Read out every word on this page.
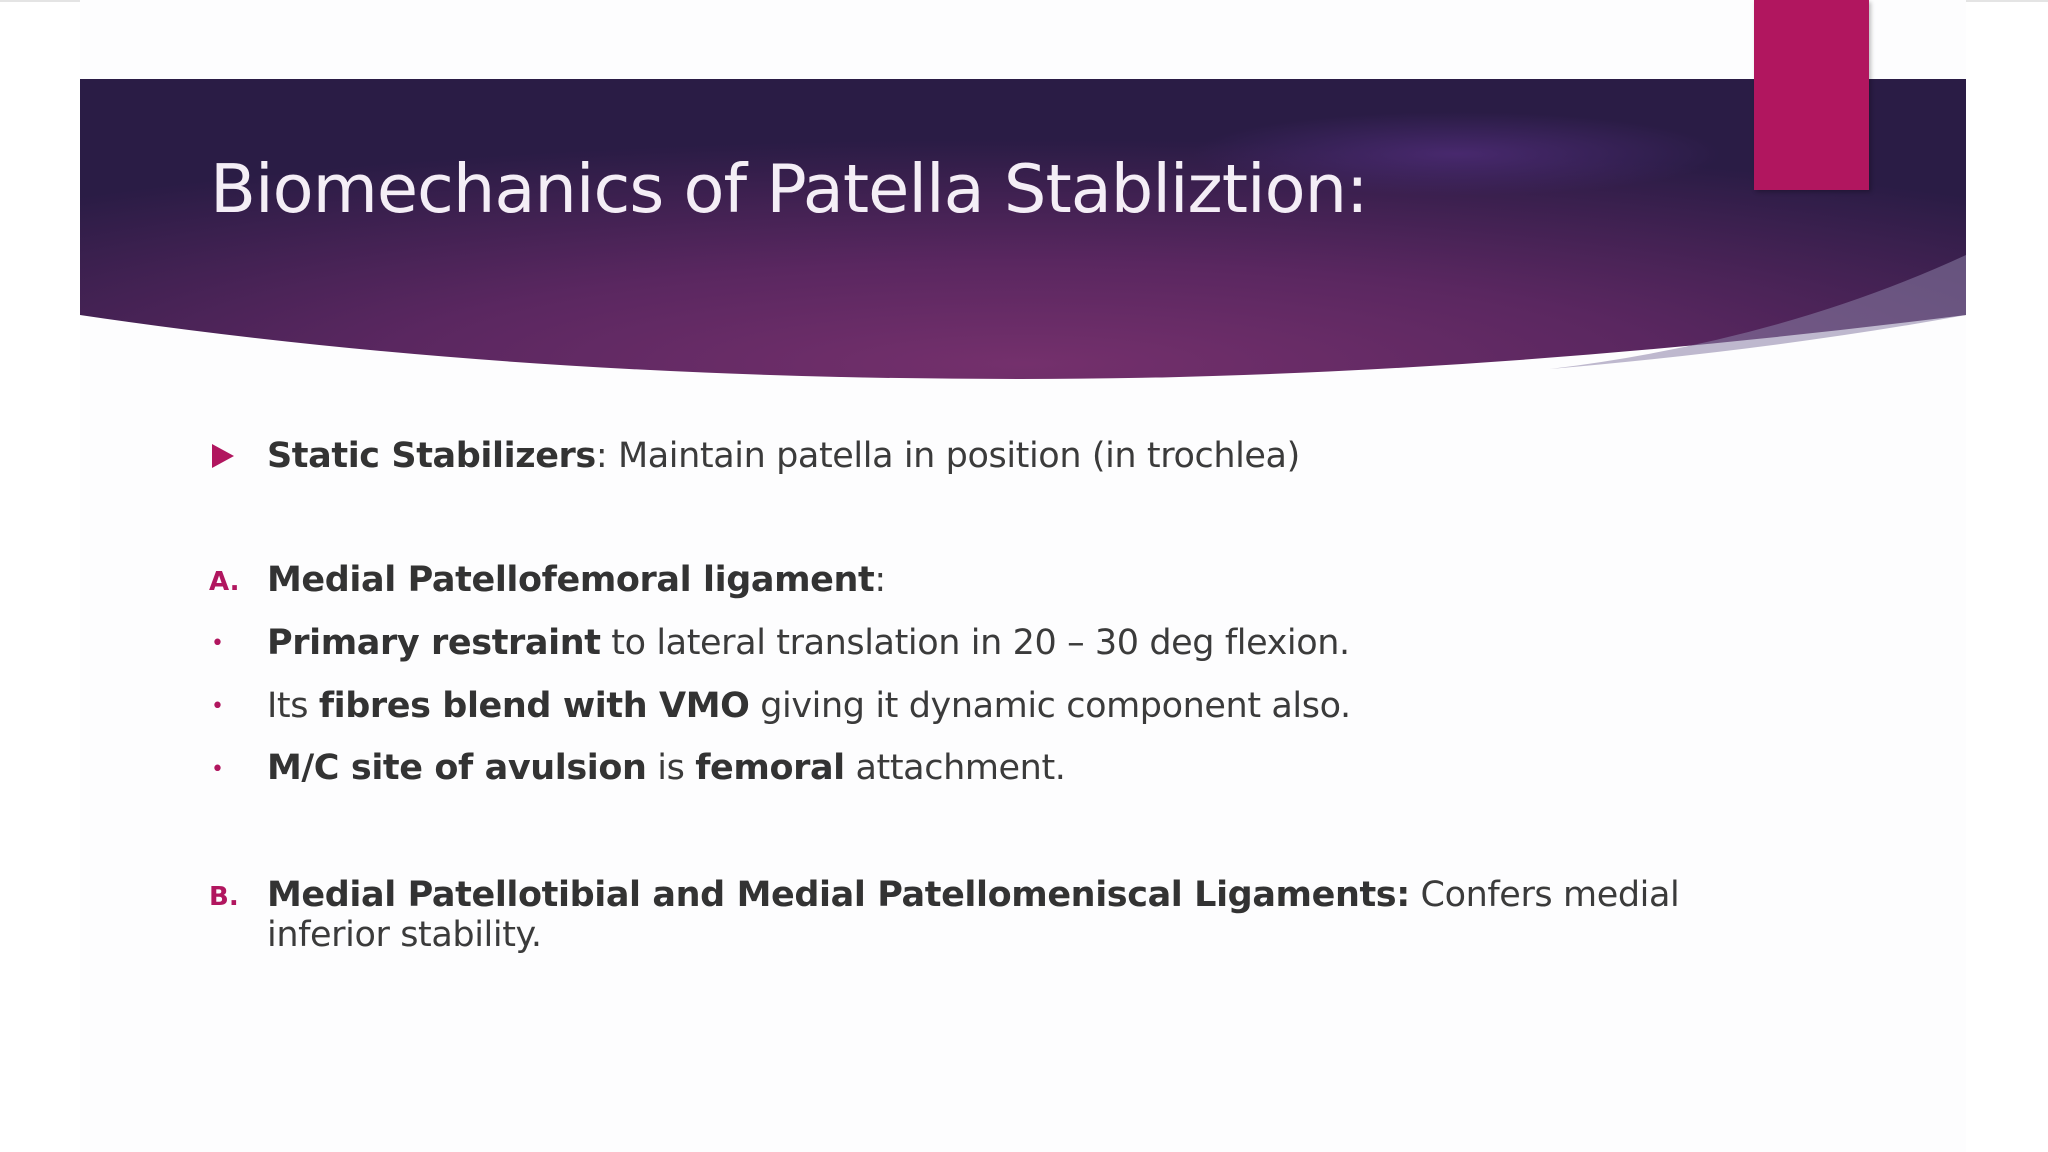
Biomechanics of Patella Stabliztion:
Static Stabilizers: Maintain patella in position (in trochlea)
A. Medial Patellofemoral ligament:
• Primary restraint to lateral translation in 20 – 30 deg flexion.
• Its fibres blend with VMO giving it dynamic component also.
• M/C site of avulsion is femoral attachment.
B. Medial Patellotibial and Medial Patellomeniscal Ligaments: Confers medial
inferior stability.
